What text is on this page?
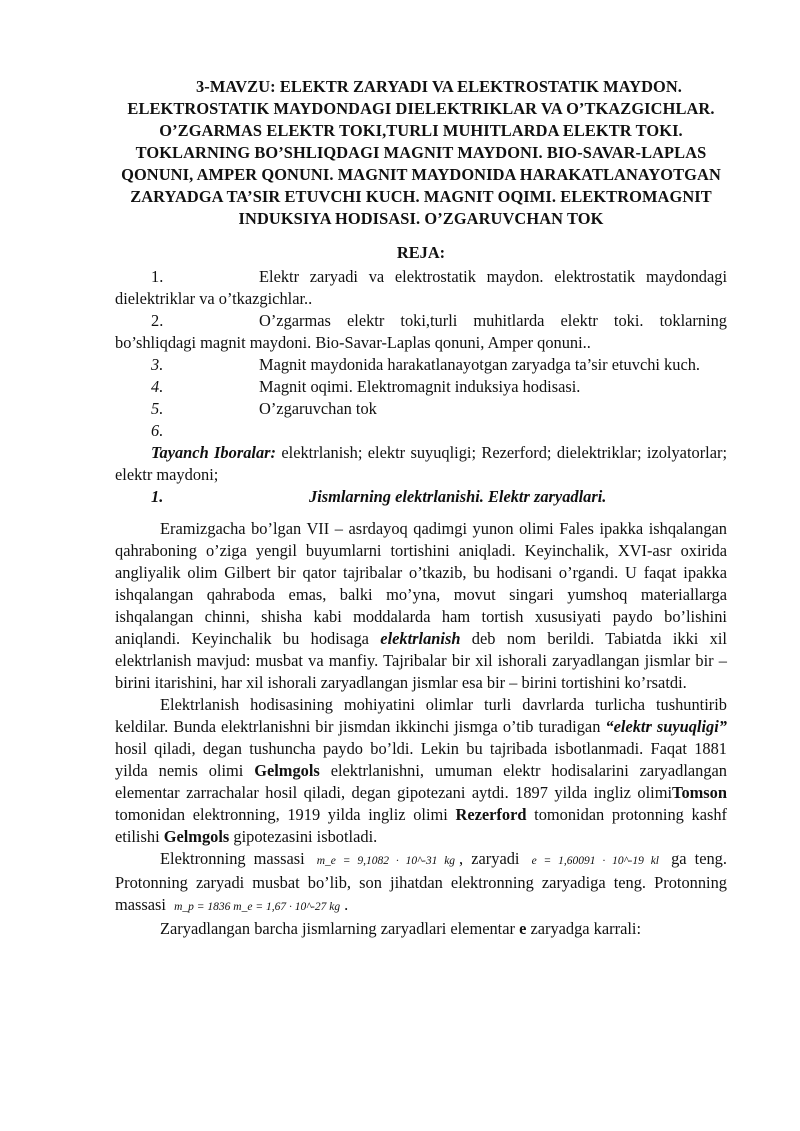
3-MAVZU: ELEKTR ZARYADI VA ELEKTROSTATIK MAYDON. ELEKTROSTATIK MAYDONDAGI DIELEKTRIKLAR VA O’TKAZGICHLAR. O’ZGARMAS ELEKTR TOKI,TURLI MUHITLARDA ELEKTR TOKI. TOKLARNING BO’SHLIQDAGI MAGNIT MAYDONI. BIO-SAVAR-LAPLAS QONUNI, AMPER QONUNI. MAGNIT MAYDONIDA HARAKATLANAYOTGAN ZARYADGA TA’SIR ETUVCHI KUCH. MAGNIT OQIMI. ELEKTROMAGNIT INDUKSIYA HODISASI. O’ZGARUVCHAN TOK

REJA:

1.	Elektr zaryadi va elektrostatik maydon. elektrostatik maydondagi dielektriklar va o’tkazgichlar..

2.	O’zgarmas elektr toki,turli muhitlarda elektr toki. toklarning bo’shliqdagi magnit maydoni. Bio-Savar-Laplas qonuni, Amper qonuni..

3.	Magnit maydonida harakatlanayotgan zaryadga ta’sir etuvchi kuch.

4.	Magnit oqimi. Elektromagnit induksiya hodisasi.

5.	O’zgaruvchan tok

6.

Tayanch Iboralar: elektrlanish; elektr suyuqligi; Rezerford; dielektriklar; izolyatorlar; elektr maydoni;

1.	Jismlarning elektrlanishi. Elektr zaryadlari.

Eramizgacha bo’lgan VII – asrdayoq qadimgi yunon olimi Fales ipakka ishqalangan qahraboning o’ziga yengil buyumlarni tortishini aniqladi. Keyinchalik, XVI-asr oxirida angliyalik olim Gilbert bir qator tajribalar o’tkazib, bu hodisani o’rgandi. U faqat ipakka ishqalangan qahraboda emas, balki mo’yna, movut singari yumshoq materiallarga ishqalangan chinni, shisha kabi moddalarda ham tortish xususiyati paydo bo’lishini aniqlandi. Keyinchalik bu hodisaga elektrlanish deb nom berildi. Tabiatda ikki xil elektrlanish mavjud: musbat va manfiy. Tajribalar bir xil ishorali zaryadlangan jismlar bir – birini itarishini, har xil ishorali zaryadlangan jismlar esa bir – birini tortishini ko’rsatdi.

Elektrlanish hodisasining mohiyatini olimlar turli davrlarda turlicha tushuntirib keldilar. Bunda elektrlanishni bir jismdan ikkinchi jismga o’tib turadigan “elektr suyuqligi” hosil qiladi, degan tushuncha paydo bo’ldi. Lekin bu tajribada isbotlanmadi. Faqat 1881 yilda nemis olimi Gelmgols elektrlanishni, umuman elektr hodisalarini zaryadlangan elementar zarrachalar hosil qiladi, degan gipotezani aytdi. 1897 yilda ingliz olimiTomson tomonidan elektronning, 1919 yilda ingliz olimi Rezerford tomonidan protonning kashf etilishi Gelmgols gipotezasini isbotladi.

Elektronning massasi m_e = 9,1082 · 10^-31 kg , zaryadi e = 1,60091 · 10^-19 kl ga teng. Protonning zaryadi musbat bo’lib, son jihatdan elektronning zaryadiga teng. Protonning massasi m_p = 1836 m_e = 1,67 · 10^-27 kg .

Zaryadlangan barcha jismlarning zaryadlari elementar e zaryadga karrali:
